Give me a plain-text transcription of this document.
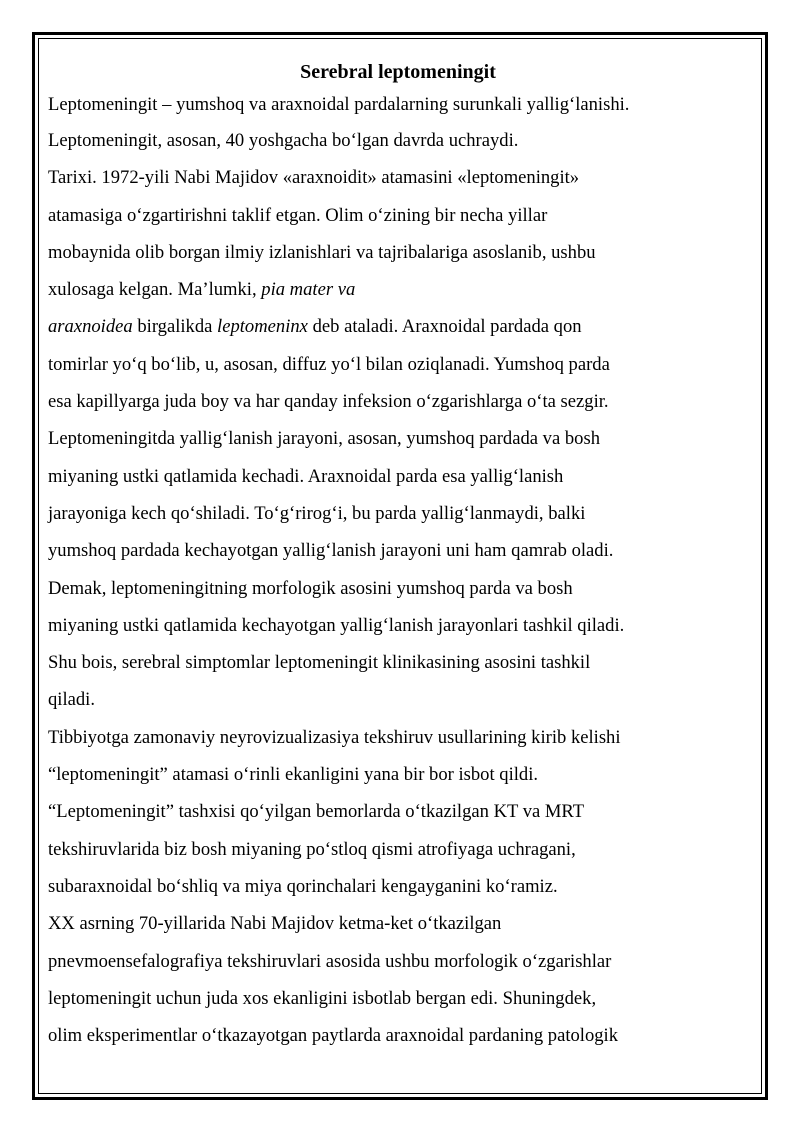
Serebral leptomeningit
Leptomeningit – yumshoq va araxnoidal pardalarning surunkali yallig‘lanishi.
Leptomeningit, asosan, 40 yoshgacha bo‘lgan davrda uchraydi.
Tarixi. 1972-yili Nabi Majidov «araxnoidit» atamasini «leptomeningit»
atamasiga o‘zgartirishni taklif etgan. Olim o‘zining bir necha yillar
mobaynida olib borgan ilmiy izlanishlari va tajribalariga asoslanib, ushbu
xulosaga kelgan. Ma’lumki, pia mater va
araxnoidea birgalikda leptomeninx deb ataladi. Araxnoidal pardada qon
tomirlar yo‘q bo‘lib, u, asosan, diffuz yo‘l bilan oziqlanadi. Yumshoq parda
esa kapillyarga juda boy va har qanday infeksion o‘zgarishlarga o‘ta sezgir.
Leptomeningitda yallig‘lanish jarayoni, asosan, yumshoq pardada va bosh
miyaning ustki qatlamida kechadi. Araxnoidal parda esa yallig‘lanish
jarayoniga kech qo‘shiladi. To‘g‘rirog‘i, bu parda yallig‘lanmaydi, balki
yumshoq pardada kechayotgan yallig‘lanish jarayoni uni ham qamrab oladi.
Demak, leptomeningitning morfologik asosini yumshoq parda va bosh
miyaning ustki qatlamida kechayotgan yallig‘lanish jarayonlari tashkil qiladi.
Shu bois, serebral simptomlar leptomeningit klinikasining asosini tashkil
qiladi.
Tibbiyotga zamonaviy neyrovizualizasiya tekshiruv usullarining kirib kelishi
“leptomeningit” atamasi o‘rinli ekanligini yana bir bor isbot qildi.
“Leptomeningit” tashxisi qo‘yilgan bemorlarda o‘tkazilgan KT va MRT
tekshiruvlarida biz bosh miyaning po‘stloq qismi atrofiyaga uchragani,
subaraxnoidal bo‘shliq va miya qorinchalari kengayganini ko‘ramiz.
XX asrning 70-yillarida Nabi Majidov ketma-ket o‘tkazilgan
pnevmoensefalografiya tekshiruvlari asosida ushbu morfologik o‘zgarishlar
leptomeningit uchun juda xos ekanligini isbotlab bergan edi. Shuningdek,
olim eksperimentlar o‘tkazayotgan paytlarda araxnoidal pardaning patologik
